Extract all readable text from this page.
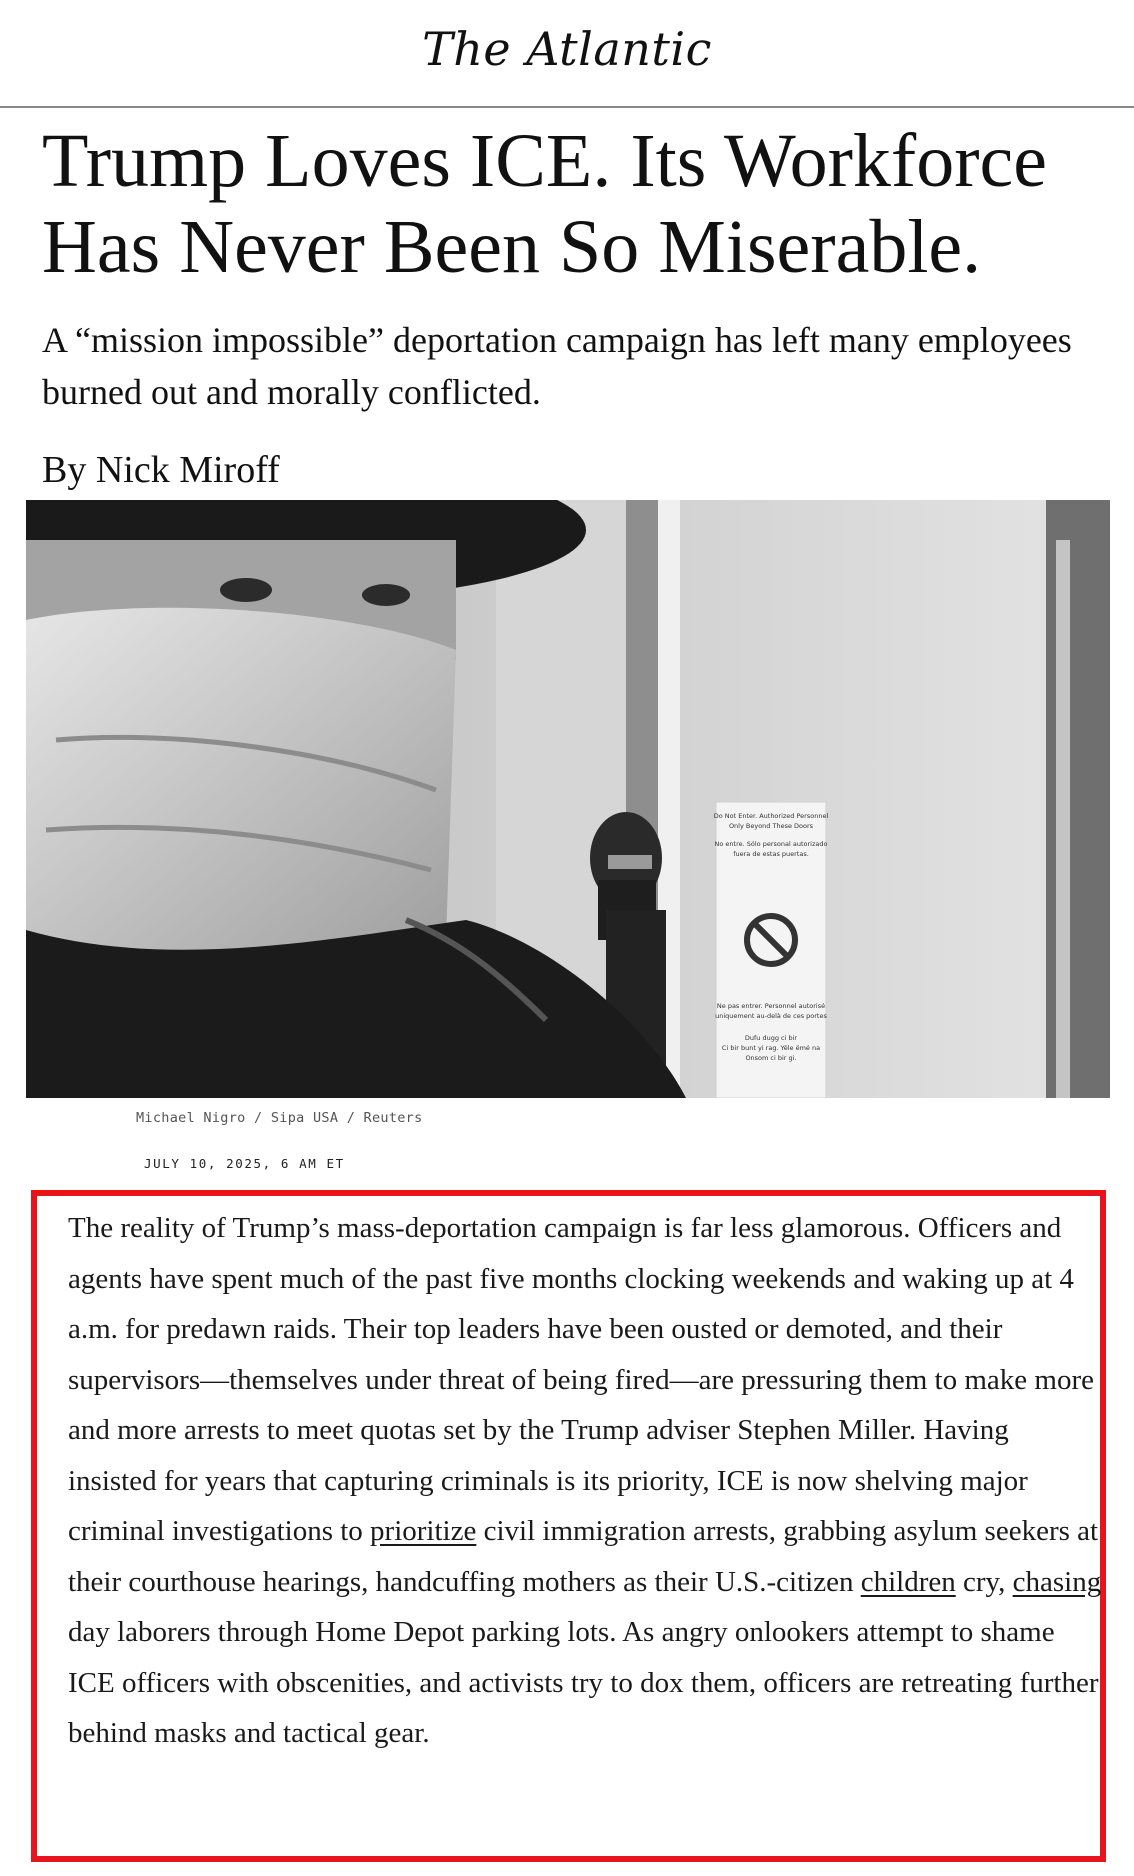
The Atlantic
Trump Loves ICE. Its Workforce Has Never Been So Miserable.

A “mission impossible” deportation campaign has left many employees burned out and morally conflicted.

By Nick Miroff

Do Not Enter. Authorized Personnel
Only Beyond These Doors
No entre. Sólo personal autorizado
fuera de estas puertas.
Ne pas entrer. Personnel autorisé
uniquement au-delà de ces portes
Dufu dugg ci bir
Ci bir bunt yi rag. Yële ëmé na
Onsom ci bir gi.
Michael Nigro / Sipa USA / Reuters
JULY 10, 2025, 6 AM ET

The reality of Trump’s mass-deportation campaign is far less glamorous. Officers and agents have spent much of the past five months clocking weekends and waking up at 4 a.m. for predawn raids. Their top leaders have been ousted or demoted, and their supervisors—themselves under threat of being fired—are pressuring them to make more and more arrests to meet quotas set by the Trump adviser Stephen Miller. Having insisted for years that capturing criminals is its priority, ICE is now shelving major criminal investigations to prioritize civil immigration arrests, grabbing asylum seekers at their courthouse hearings, handcuffing mothers as their U.S.-citizen children cry, chasing day laborers through Home Depot parking lots. As angry onlookers attempt to shame ICE officers with obscenities, and activists try to dox them, officers are retreating further behind masks and tactical gear.
